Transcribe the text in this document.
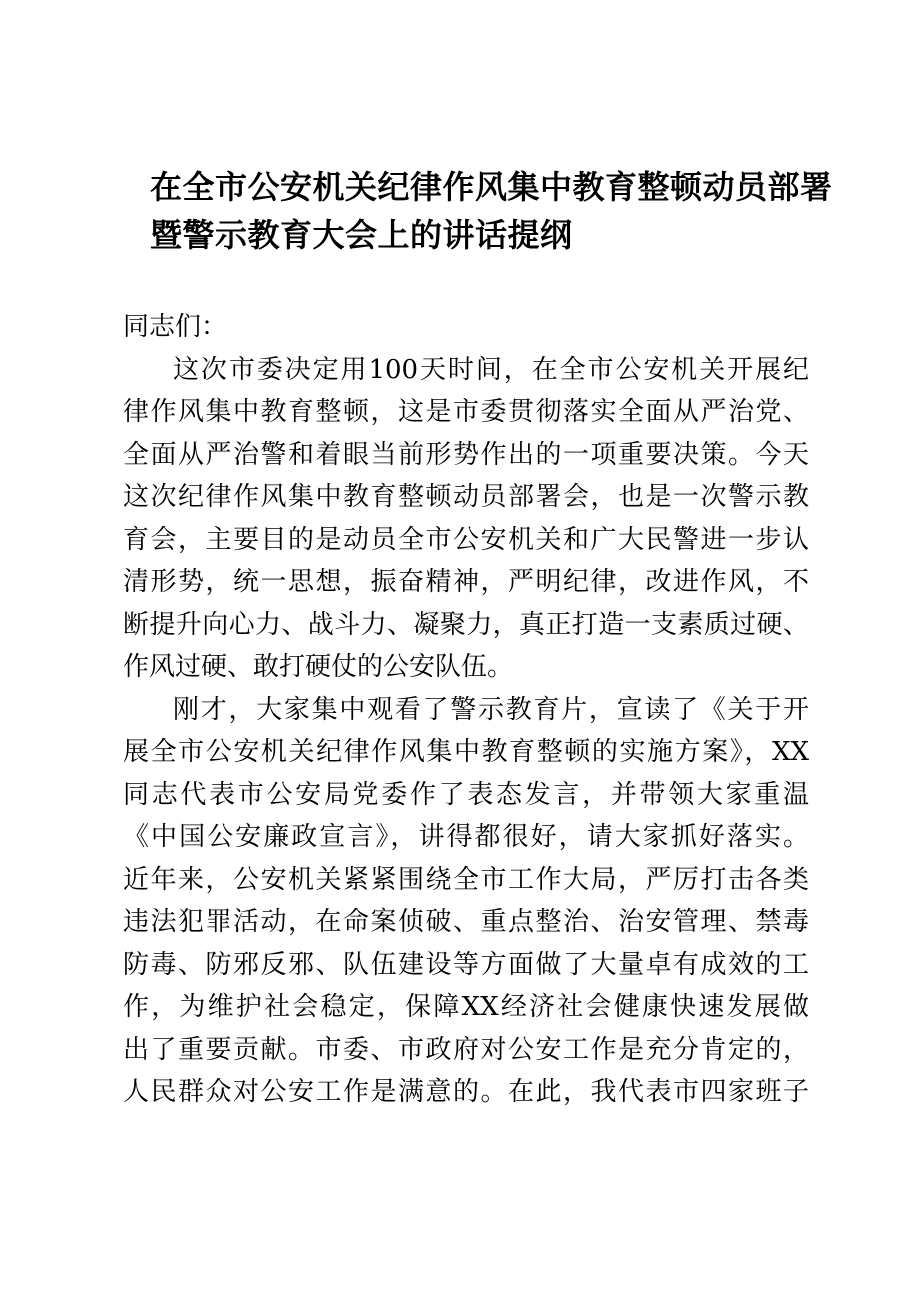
在全市公安机关纪律作风集中教育整顿动员部署
暨警示教育大会上的讲话提纲
同志们：
这次市委决定用100天时间，在全市公安机关开展纪
律作风集中教育整顿，这是市委贯彻落实全面从严治党、
全面从严治警和着眼当前形势作出的一项重要决策。今天
这次纪律作风集中教育整顿动员部署会，也是一次警示教
育会，主要目的是动员全市公安机关和广大民警进一步认
清形势，统一思想，振奋精神，严明纪律，改进作风，不
断提升向心力、战斗力、凝聚力，真正打造一支素质过硬、
作风过硬、敢打硬仗的公安队伍。
刚才，大家集中观看了警示教育片，宣读了《关于开
展全市公安机关纪律作风集中教育整顿的实施方案》，XX
同志代表市公安局党委作了表态发言，并带领大家重温
《中国公安廉政宣言》，讲得都很好，请大家抓好落实。
近年来，公安机关紧紧围绕全市工作大局，严厉打击各类
违法犯罪活动，在命案侦破、重点整治、治安管理、禁毒
防毒、防邪反邪、队伍建设等方面做了大量卓有成效的工
作，为维护社会稳定，保障XX经济社会健康快速发展做
出了重要贡献。市委、市政府对公安工作是充分肯定的，
人民群众对公安工作是满意的。在此，我代表市四家班子
